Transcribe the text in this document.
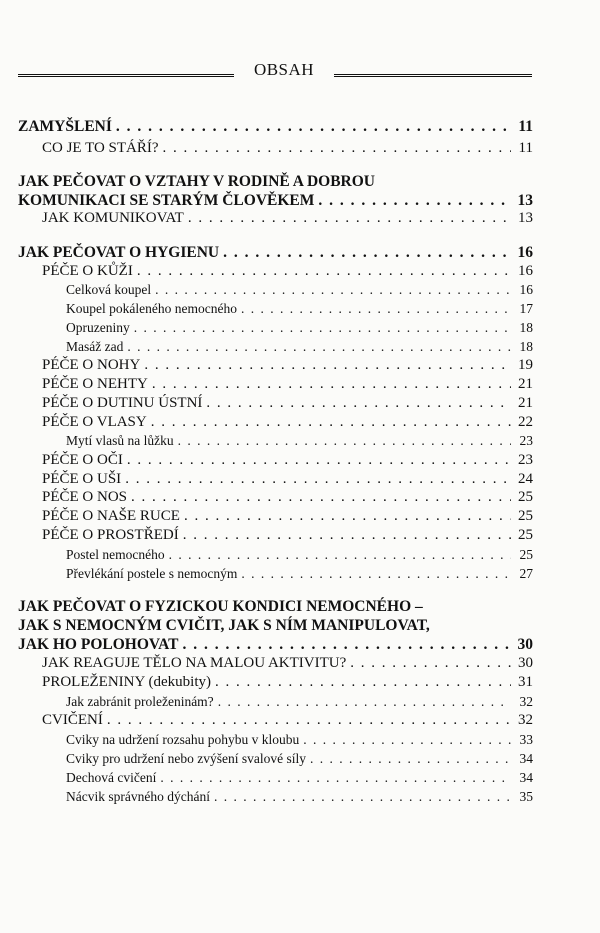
OBSAH
ZAMYŠLENÍ . . .	11
CO JE TO STÁŘÍ? . . .	11
JAK PEČOVAT O VZTAHY V RODINĚ A DOBROU
KOMUNIKACI SE STARÝM ČLOVĚKEM . . .	13
JAK KOMUNIKOVAT . . .	13
JAK PEČOVAT O HYGIENU . . .	16
PÉČE O KŮŽI . . .	16
Celková koupel . . .	16
Koupel pokáleného nemocného . . .	17
Opruzeniny . . .	18
Masáž zad . . .	18
PÉČE O NOHY . . .	19
PÉČE O NEHTY . . .	21
PÉČE O DUTINU ÚSTNÍ . . .	21
PÉČE O VLASY . . .	22
Mytí vlasů na lůžku . . .	23
PÉČE O OČI . . .	23
PÉČE O UŠI . . .	24
PÉČE O NOS . . .	25
PÉČE O NAŠE RUCE . . .	25
PÉČE O PROSTŘEDÍ . . .	25
Postel nemocného . . .	25
Převlékání postele s nemocným . . .	27
JAK PEČOVAT O FYZICKOU KONDICI NEMOCNÉHO –
JAK S NEMOCNÝM CVIČIT, JAK S NÍM MANIPULOVAT,
JAK HO POLOHOVAT . . .	30
JAK REAGUJE TĚLO NA MALOU AKTIVITU? . . .	30
PROLEŽENINY (dekubity) . . .	31
Jak zabránit proleženinám? . . .	32
CVIČENÍ . . .	32
Cviky na udržení rozsahu pohybu v kloubu . . .	33
Cviky pro udržení nebo zvýšení svalové síly . . .	34
Dechová cvičení . . .	34
Nácvik správného dýchání . . .	35
